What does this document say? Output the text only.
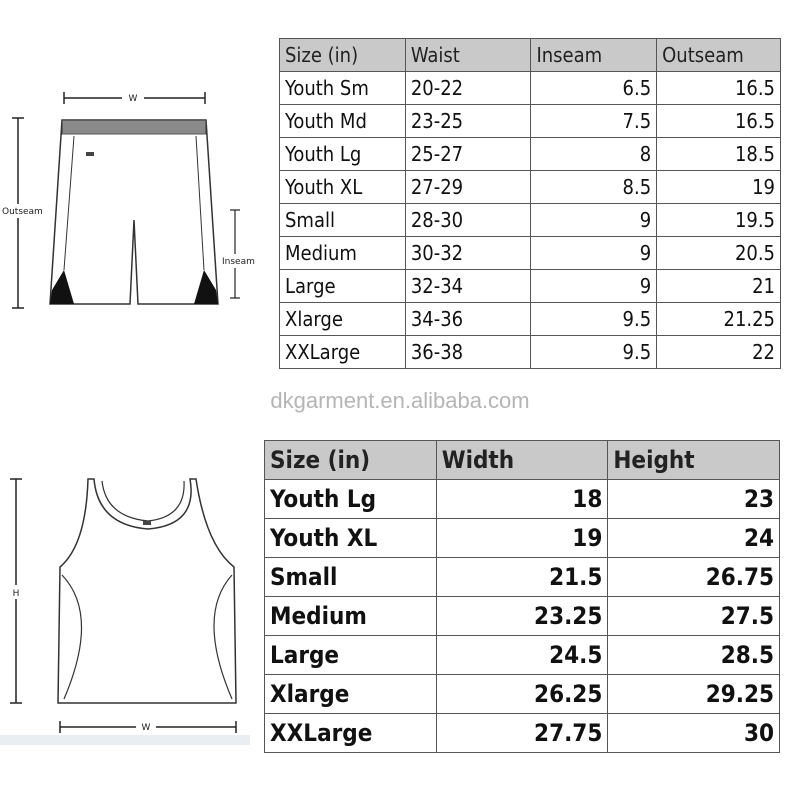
W
Outseam
Inseam
Size (in)	Waist	Inseam	Outseam
Youth Sm	20-22	6.5	16.5
Youth Md	23-25	7.5	16.5
Youth Lg	25-27	8	18.5
Youth XL	27-29	8.5	19
Small	28-30	9	19.5
Medium	30-32	9	20.5
Large	32-34	9	21
Xlarge	34-36	9.5	21.25
XXLarge	36-38	9.5	22
dkgarment.en.alibaba.com
H
W
Size (in)	Width	Height
Youth Lg	18	23
Youth XL	19	24
Small	21.5	26.75
Medium	23.25	27.5
Large	24.5	28.5
Xlarge	26.25	29.25
XXLarge	27.75	30
